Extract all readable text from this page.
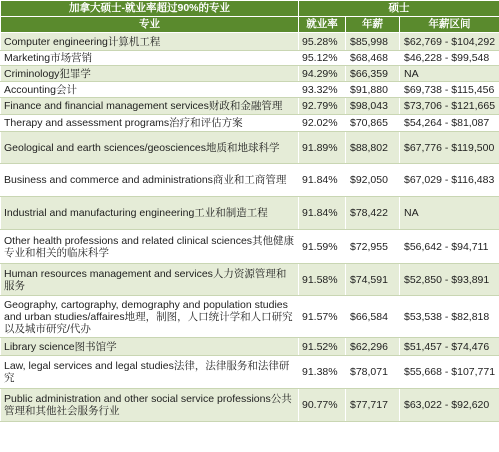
加拿大硕士-就业率超过90%的专业	硕士		
专业	就业率	年薪	年薪区间
Computer engineering计算机工程	95.28%	$85,998	$62,769 - $104,292
Marketing市场营销	95.12%	$68,468	$46,228 - $99,548
Criminology犯罪学	94.29%	$66,359	NA
Accounting会计	93.32%	$91,880	$69,738 - $115,456
Finance and financial management services财政和金融管理	92.79%	$98,043	$73,706 - $121,665
Therapy and assessment programs治疗和评估方案	92.02%	$70,865	$54,264 - $81,087
Geological and earth sciences/geosciences地质和地球科学	91.89%	$88,802	$67,776 - $119,500
Business and commerce and administrations商业和工商管理	91.84%	$92,050	$67,029 - $116,483
Industrial and manufacturing engineering工业和制造工程	91.84%	$78,422	NA
Other health professions and related clinical sciences其他健康专业和相关的临床科学	91.59%	$72,955	$56,642 - $94,711
Human resources management and services人力资源管理和服务	91.58%	$74,591	$52,850 - $93,891
Geography, cartography, demography and population studies and urban studies/affaires地理，制图，人口统计学和人口研究以及城市研究/代办	91.57%	$66,584	$53,538 - $82,818
Library science图书馆学	91.52%	$62,296	$51,457 - $74,476
Law, legal services and legal studies法律，法律服务和法律研究	91.38%	$78,071	$55,668 - $107,771
Public administration and other social service professions公共管理和其他社会服务行业	90.77%	$77,717	$63,022 - $92,620
